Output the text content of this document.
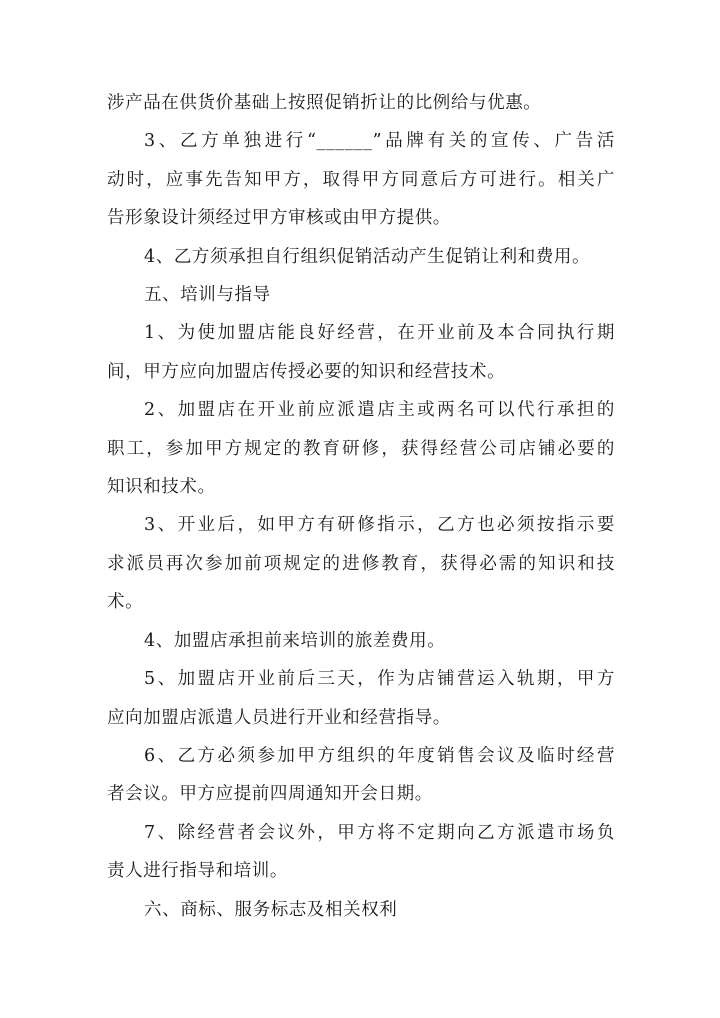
涉产品在供货价基础上按照促销折让的比例给与优惠。

3、乙方单独进行“______”品牌有关的宣传、广告活

动时，应事先告知甲方，取得甲方同意后方可进行。相关广

告形象设计须经过甲方审核或由甲方提供。

4、乙方须承担自行组织促销活动产生促销让利和费用。

五、培训与指导

1、为使加盟店能良好经营，在开业前及本合同执行期

间，甲方应向加盟店传授必要的知识和经营技术。

2、加盟店在开业前应派遣店主或两名可以代行承担的

职工，参加甲方规定的教育研修，获得经营公司店铺必要的

知识和技术。

3、开业后，如甲方有研修指示，乙方也必须按指示要

求派员再次参加前项规定的进修教育，获得必需的知识和技

术。

4、加盟店承担前来培训的旅差费用。

5、加盟店开业前后三天，作为店铺营运入轨期，甲方

应向加盟店派遣人员进行开业和经营指导。

6、乙方必须参加甲方组织的年度销售会议及临时经营

者会议。甲方应提前四周通知开会日期。

7、除经营者会议外，甲方将不定期向乙方派遣市场负

责人进行指导和培训。

六、商标、服务标志及相关权利
